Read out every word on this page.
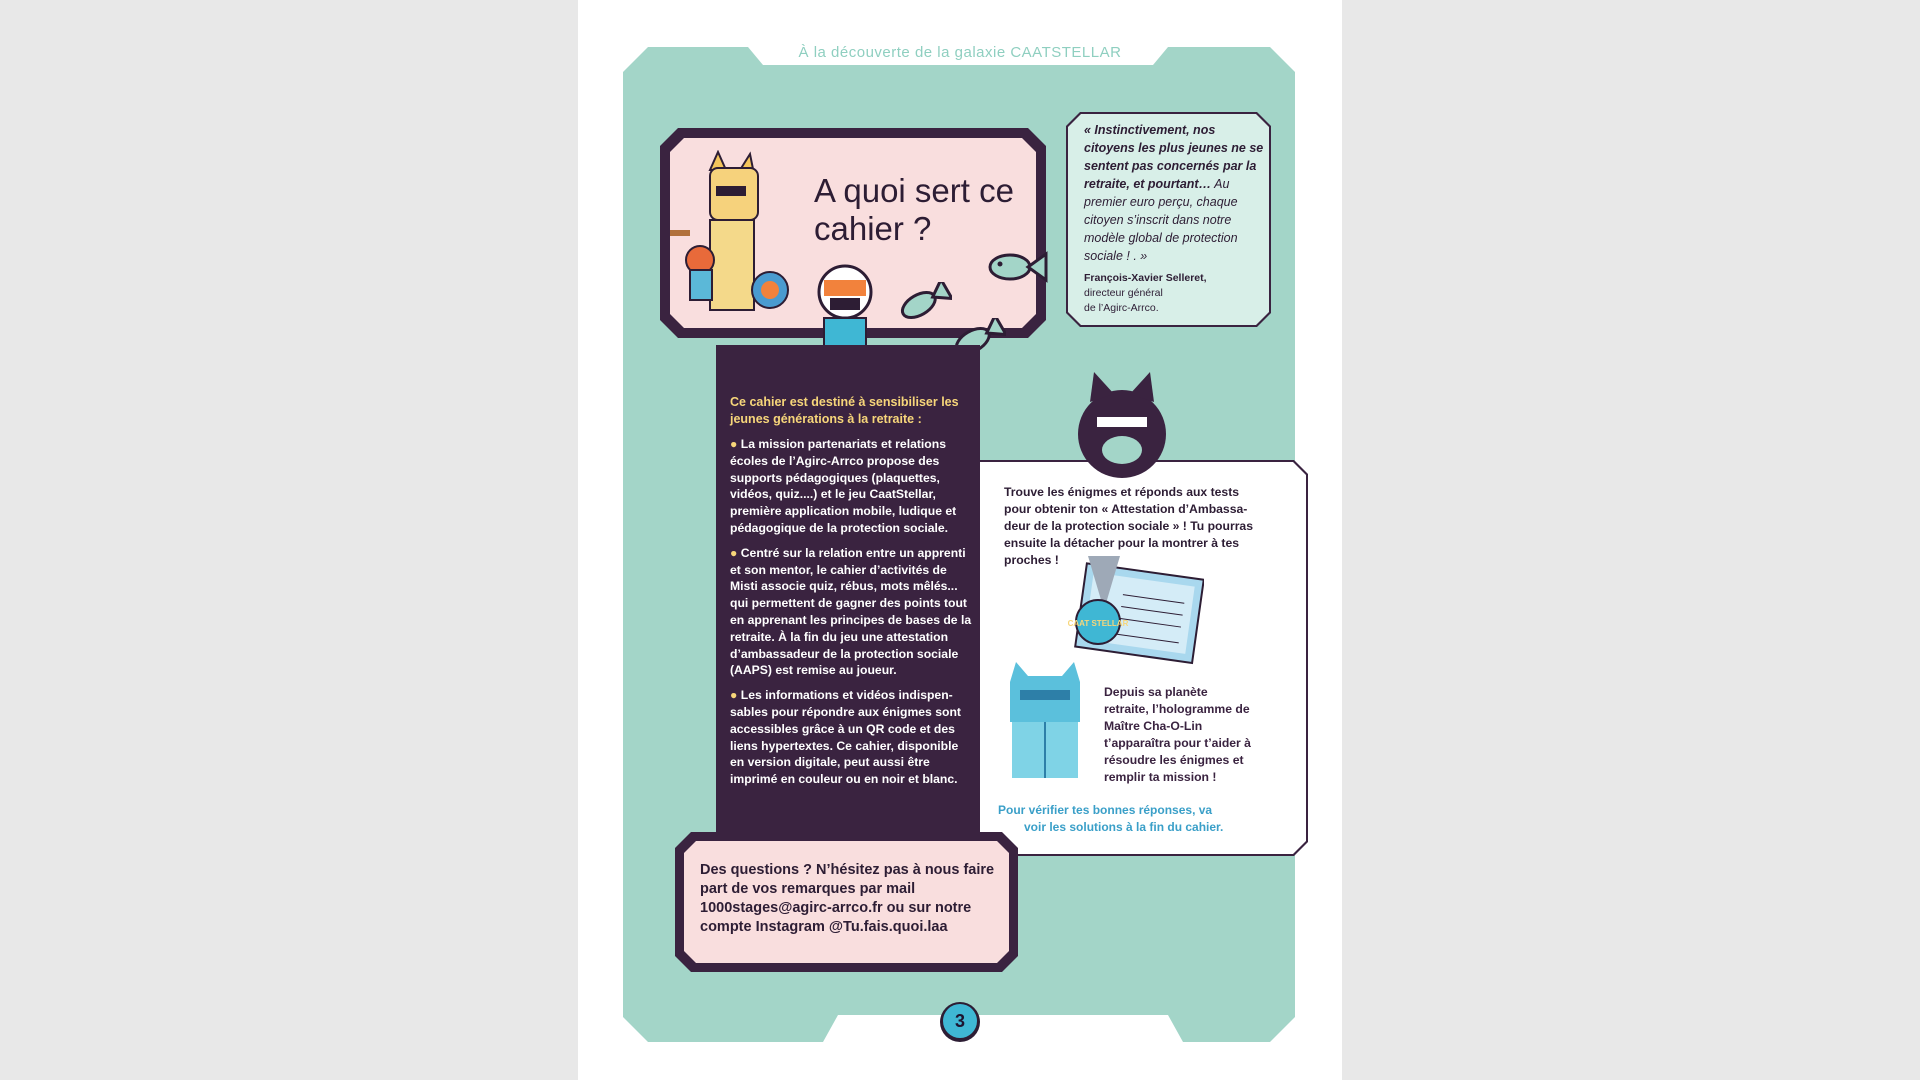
À la découverte de la galaxie CAATSTELLAR
A quoi sert ce cahier ?
« Instinctivement, nos citoyens les plus jeunes ne se sentent pas concernés par la retraite, et pourtant… Au premier euro perçu, chaque citoyen s’inscrit dans notre modèle global de protection sociale ! . »
François-Xavier Selleret,
directeur général
de l’Agirc-Arrco.
Ce cahier est destiné à sensibiliser les jeunes générations à la retraite :
● La mission partenariats et relations écoles de l’Agirc-Arrco propose des supports pédagogiques (plaquettes, vidéos, quiz....) et le jeu CaatStellar, première application mobile, ludique et pédagogique de la protection sociale.
● Centré sur la relation entre un apprenti et son mentor, le cahier d’activités de Misti associe quiz, rébus, mots mêlés... qui permettent de gagner des points tout en apprenant les principes de bases de la retraite. À la fin du jeu une attestation d’ambassadeur de la protection sociale (AAPS) est remise au joueur.
● Les informations et vidéos indispen-sables pour répondre aux énigmes sont accessibles grâce à un QR code et des liens hypertextes. Ce cahier, disponible en version digitale, peut aussi être imprimé en couleur ou en noir et blanc.
Trouve les énigmes et réponds aux tests pour obtenir ton « Attestation d’Ambassa-deur de la protection sociale » ! Tu pourras ensuite la détacher pour la montrer à tes proches !
CAAT STELLAR
Depuis sa planète retraite, l’hologramme de Maître Cha-O-Lin t’apparaîtra pour t’aider à résoudre les énigmes et remplir ta mission !
Pour vérifier tes bonnes réponses, va
voir les solutions à la fin du cahier.
Des questions ? N’hésitez pas à nous faire part de vos remarques par mail 1000stages@agirc-arrco.fr ou sur notre compte Instagram @Tu.fais.quoi.laa
3
